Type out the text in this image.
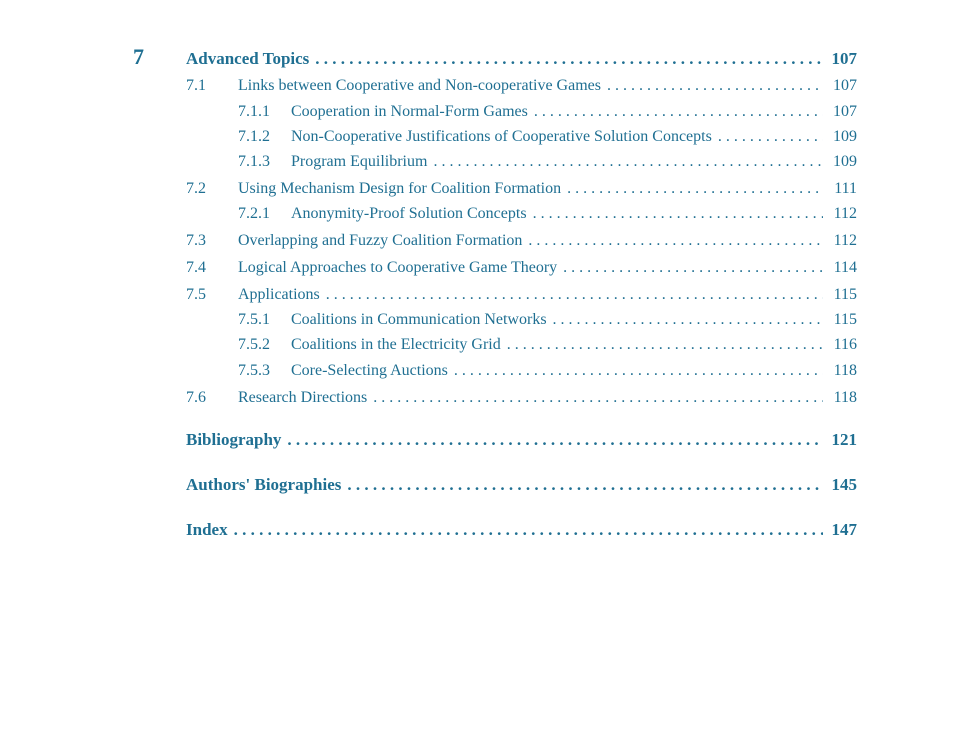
7	Advanced Topics . . .	107
7.1	Links between Cooperative and Non-cooperative Games . . .	107
7.1.1	Cooperation in Normal-Form Games . . .	107
7.1.2	Non-Cooperative Justifications of Cooperative Solution Concepts . . .	109
7.1.3	Program Equilibrium . . .	109
7.2	Using Mechanism Design for Coalition Formation . . .	111
7.2.1	Anonymity-Proof Solution Concepts . . .	112
7.3	Overlapping and Fuzzy Coalition Formation . . .	112
7.4	Logical Approaches to Cooperative Game Theory . . .	114
7.5	Applications . . .	115
7.5.1	Coalitions in Communication Networks . . .	115
7.5.2	Coalitions in the Electricity Grid . . .	116
7.5.3	Core-Selecting Auctions . . .	118
7.6	Research Directions . . .	118
Bibliography . . .	121
Authors' Biographies . . .	145
Index . . .	147
